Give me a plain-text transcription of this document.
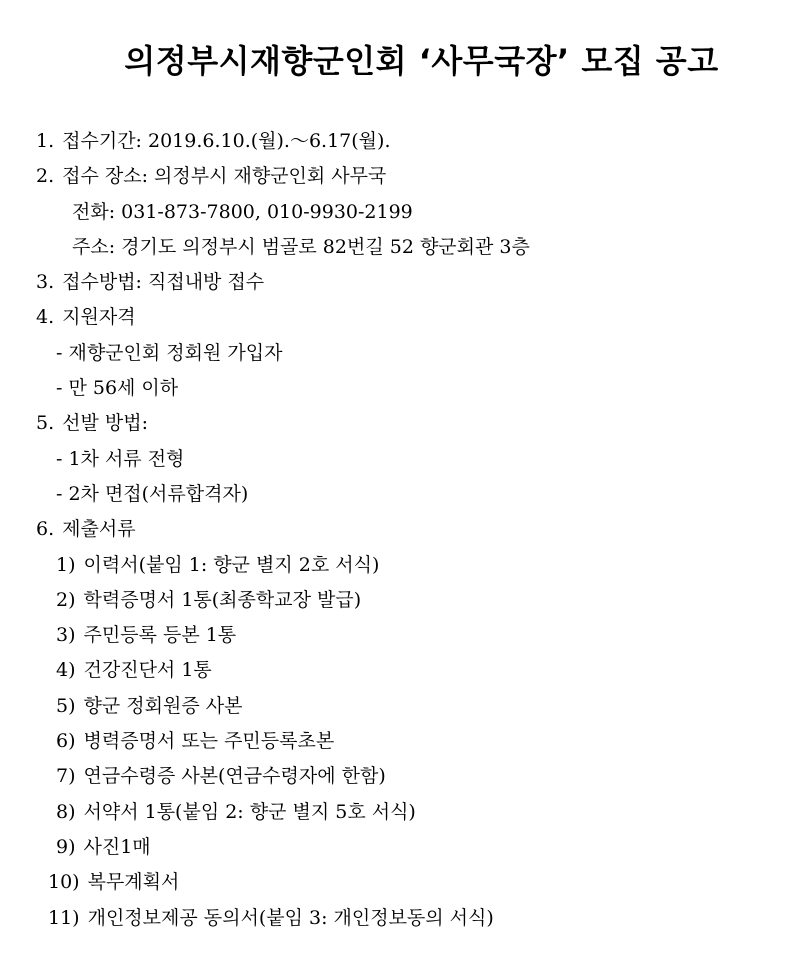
의정부시재향군인회 ‘사무국장’ 모집 공고
1. 접수기간: 2019.6.10.(월).～6.17(월).
2. 접수 장소: 의정부시 재향군인회 사무국
전화: 031-873-7800, 010-9930-2199
주소: 경기도 의정부시 범골로 82번길 52 향군회관 3층
3. 접수방법: 직접내방 접수
4. 지원자격
- 재향군인회 정회원 가입자
- 만 56세 이하
5. 선발 방법:
- 1차 서류 전형
- 2차 면접(서류합격자)
6. 제출서류
1) 이력서(붙임 1: 향군 별지 2호 서식)
2) 학력증명서 1통(최종학교장 발급)
3) 주민등록 등본 1통
4) 건강진단서 1통
5) 향군 정회원증 사본
6) 병력증명서 또는 주민등록초본
7) 연금수령증 사본(연금수령자에 한함)
8) 서약서 1통(붙임 2: 향군 별지 5호 서식)
9) 사진1매
10) 복무계획서
11) 개인정보제공 동의서(붙임 3: 개인정보동의 서식)
